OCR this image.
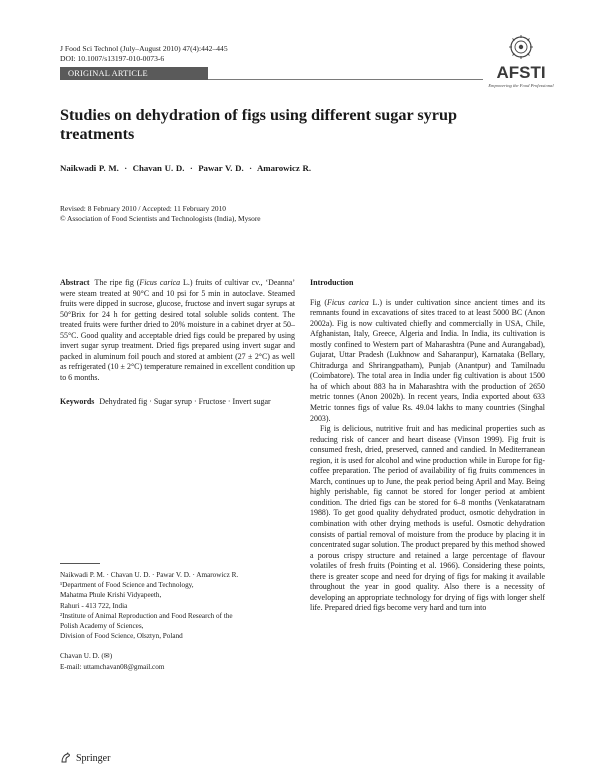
J Food Sci Technol (July–August 2010) 47(4):442–445
DOI: 10.1007/s13197-010-0073-6
ORIGINAL ARTICLE	AFSTI
Empowering the Food Professional
Studies on dehydration of figs using different sugar syrup treatments
Naikwadi P. M. · Chavan U. D. · Pawar V. D. · Amarowicz R.
Revised: 8 February 2010 / Accepted: 11 February 2010
© Association of Food Scientists and Technologists (India), Mysore

Abstract The ripe fig (Ficus carica L.) fruits of cultivar cv., ‘Deanna’ were steam treated at 90°C and 10 psi for 5 min in autoclave. Steamed fruits were dipped in sucrose, glucose, fructose and invert sugar syrups at 50°Brix for 24 h for getting desired total soluble solids content. The treated fruits were further dried to 20% moisture in a cabinet dryer at 50–55°C. Good quality and acceptable dried figs could be prepared by using invert sugar syrup treatment. Dried figs prepared using invert sugar and packed in aluminum foil pouch and stored at ambient (27 ± 2°C) as well as refrigerated (10 ± 2°C) temperature remained in excellent condition up to 6 months.

Keywords Dehydrated fig · Sugar syrup · Fructose · Invert sugar

Naikwadi P. M. · Chavan U. D. · Pawar V. D. · Amarowicz R.

¹Department of Food Science and Technology,

Mahatma Phule Krishi Vidyapeeth,

Rahuri - 413 722, India

²Institute of Animal Reproduction and Food Research of the

Polish Academy of Sciences,

Division of Food Science, Olsztyn, Poland

Chavan U. D. (✉)

E-mail: uttamchavan08@gmail.com

Springer
Introduction

Fig (Ficus carica L.) is under cultivation since ancient times and its remnants found in excavations of sites traced to at least 5000 BC (Anon 2002a). Fig is now cultivated chiefly and commercially in USA, Chile, Afghanistan, Italy, Greece, Algeria and India. In India, its cultivation is mostly confined to Western part of Maharashtra (Pune and Aurangabad), Gujarat, Uttar Pradesh (Lukhnow and Saharanpur), Karnataka (Bellary, Chitradurga and Shrirangpatham), Punjab (Anantpur) and Tamilnadu (Coimbatore). The total area in India under fig cultivation is about 1500 ha of which about 883 ha in Maharashtra with the production of 2650 metric tonnes (Anon 2002b). In recent years, India exported about 633 Metric tonnes figs of value Rs. 49.04 lakhs to many countries (Singhal 2003).

Fig is delicious, nutritive fruit and has medicinal properties such as reducing risk of cancer and heart disease (Vinson 1999). Fig fruit is consumed fresh, dried, preserved, canned and candied. In Mediterranean region, it is used for alcohol and wine production while in Europe for fig-coffee preparation. The period of availability of fig fruits commences in March, continues up to June, the peak period being April and May. Being highly perishable, fig cannot be stored for longer period at ambient condition. The dried figs can be stored for 6–8 months (Venkataratnam 1988). To get good quality dehydrated product, osmotic dehydration in combination with other drying methods is useful. Osmotic dehydration consists of partial removal of moisture from the produce by placing it in concentrated sugar solution. The product prepared by this method showed a porous crispy structure and retained a large percentage of flavour volatiles of fresh fruits (Pointing et al. 1966). Considering these points, there is greater scope and need for drying of figs for making it available throughout the year in good quality. Also there is a necessity of developing an appropriate technology for drying of figs with longer shelf life. Prepared dried figs become very hard and turn into
